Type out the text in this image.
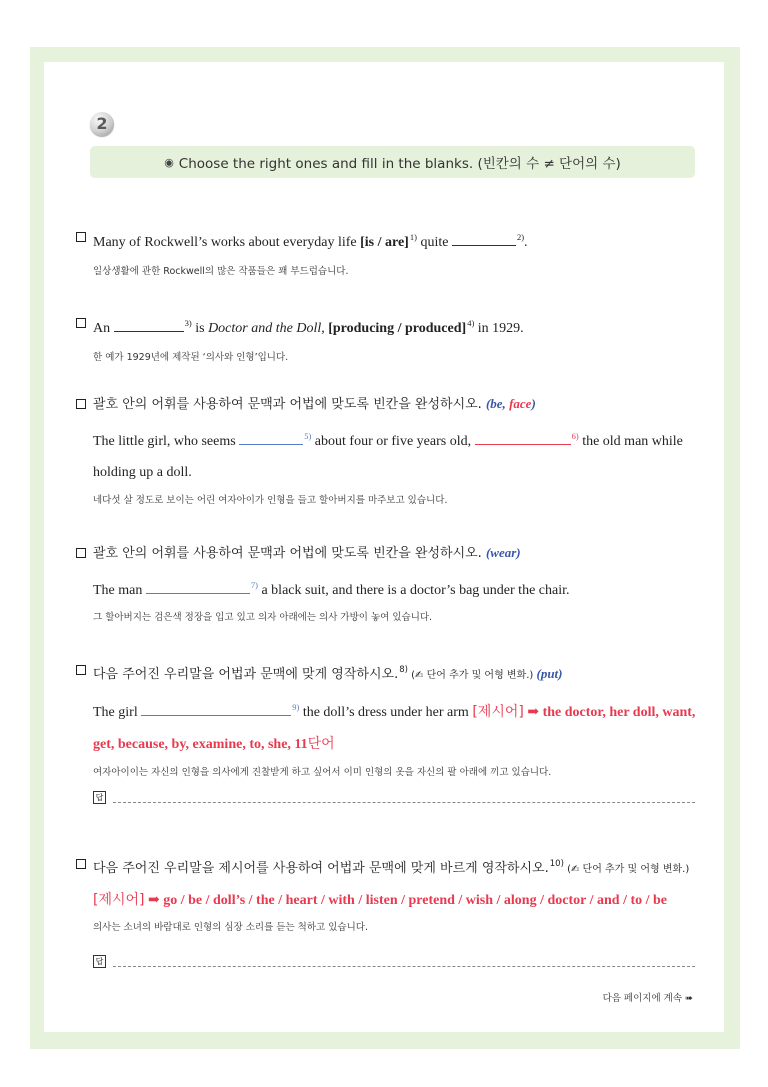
2
◉ Choose the right ones and fill in the blanks. (빈칸의 수 ≠ 단어의 수)
Many of Rockwell’s works about everyday life [is / are]$^{1)}$ quite	$^{2)}$.
일상생활에 관한 Rockwell의 많은 작품들은 꽤 부드럽습니다.
An	$^{3)}$ is Doctor and the Doll, [producing / produced]$^{4)}$ in 1929.
한 예가 1929년에 제작된 ‘의사와 인형’입니다.
괄호 안의 어휘를 사용하여 문맥과 어법에 맞도록 빈칸을 완성하시오. (be, face)
The little girl, who seems	$^{5)}$ about four or five years old,	$^{6)}$ the old man while
holding up a doll.
네다섯 살 정도로 보이는 어린 여자아이가 인형을 들고 할아버지를 마주보고 있습니다.
괄호 안의 어휘를 사용하여 문맥과 어법에 맞도록 빈칸을 완성하시오. (wear)
The man	$^{7)}$ a black suit, and there is a doctor’s bag under the chair.
그 할아버지는 검은색 정장을 입고 있고 의자 아래에는 의사 가방이 놓여 있습니다.
다음 주어진 우리말을 어법과 문맥에 맞게 영작하시오.$^{8)}$ (✍ 단어 추가 및 어형 변화.) (put)
The girl	$^{9)}$ the doll’s dress under her arm [제시어] ➡ the doctor, her doll, want,
get, because, by, examine, to, she, 11단어
여자아이이는 자신의 인형을 의사에게 진찰받게 하고 싶어서 이미 인형의 옷을 자신의 팔 아래에 끼고 있습니다.
답
다음 주어진 우리말을 제시어를 사용하여 어법과 문맥에 맞게 바르게 영작하시오.$^{10)}$ (✍ 단어 추가 및 어형 변화.)
[제시어] ➡ go / be / doll’s / the / heart / with / listen / pretend / wish / along / doctor / and / to / be
의사는 소녀의 바람대로 인형의 심장 소리를 듣는 척하고 있습니다.
답
다음 페이지에 계속 ➠
